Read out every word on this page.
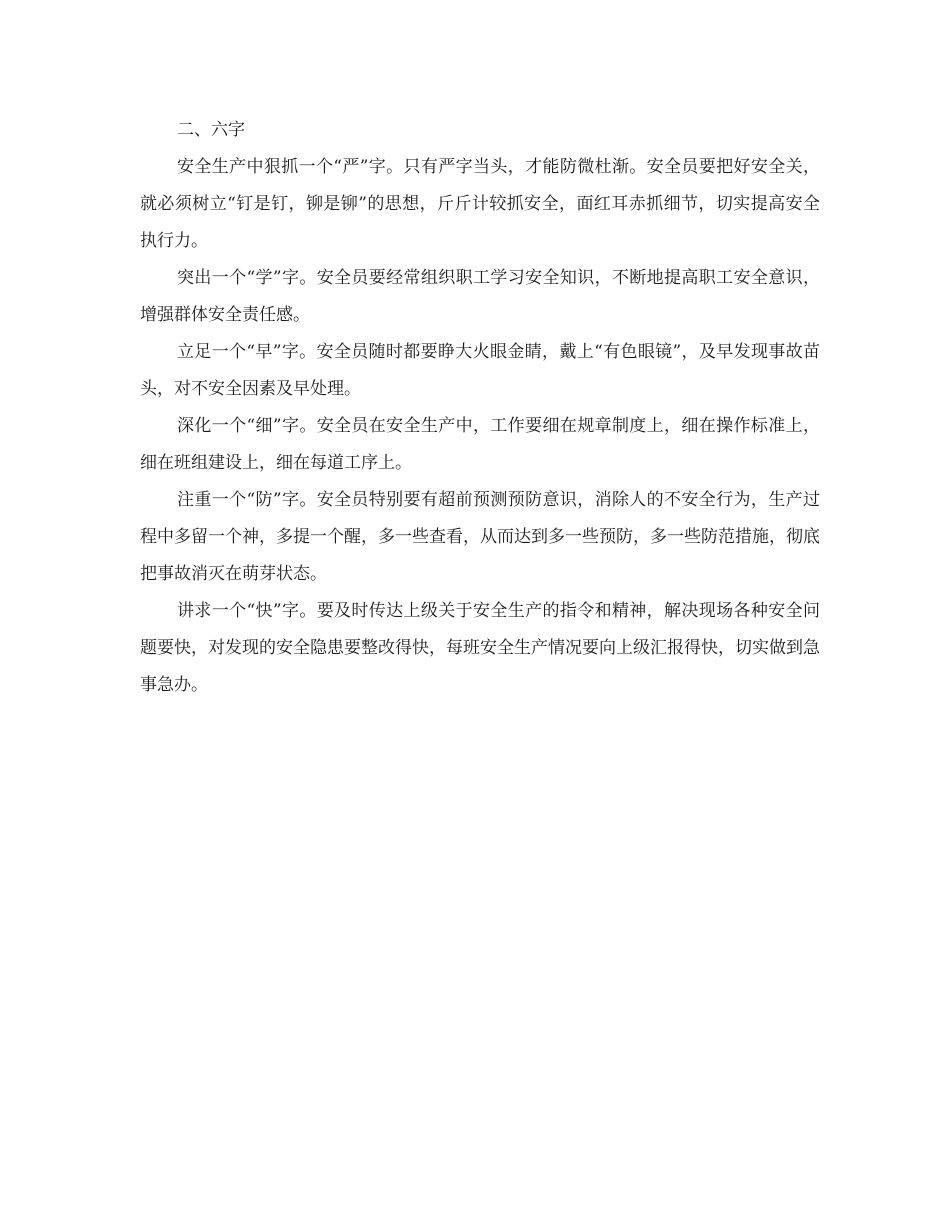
二、六字

安全生产中狠抓一个“严”字。只有严字当头，才能防微杜渐。安全员要把好安全关，就必须树立“钉是钉，铆是铆”的思想，斤斤计较抓安全，面红耳赤抓细节，切实提高安全执行力。

突出一个“学”字。安全员要经常组织职工学习安全知识，不断地提高职工安全意识，增强群体安全责任感。

立足一个“早”字。安全员随时都要睁大火眼金睛，戴上“有色眼镜”，及早发现事故苗头，对不安全因素及早处理。

深化一个“细”字。安全员在安全生产中，工作要细在规章制度上，细在操作标准上，细在班组建设上，细在每道工序上。

注重一个“防”字。安全员特别要有超前预测预防意识，消除人的不安全行为，生产过程中多留一个神，多提一个醒，多一些查看，从而达到多一些预防，多一些防范措施，彻底把事故消灭在萌芽状态。

讲求一个“快”字。要及时传达上级关于安全生产的指令和精神，解决现场各种安全问题要快，对发现的安全隐患要整改得快，每班安全生产情况要向上级汇报得快，切实做到急事急办。
